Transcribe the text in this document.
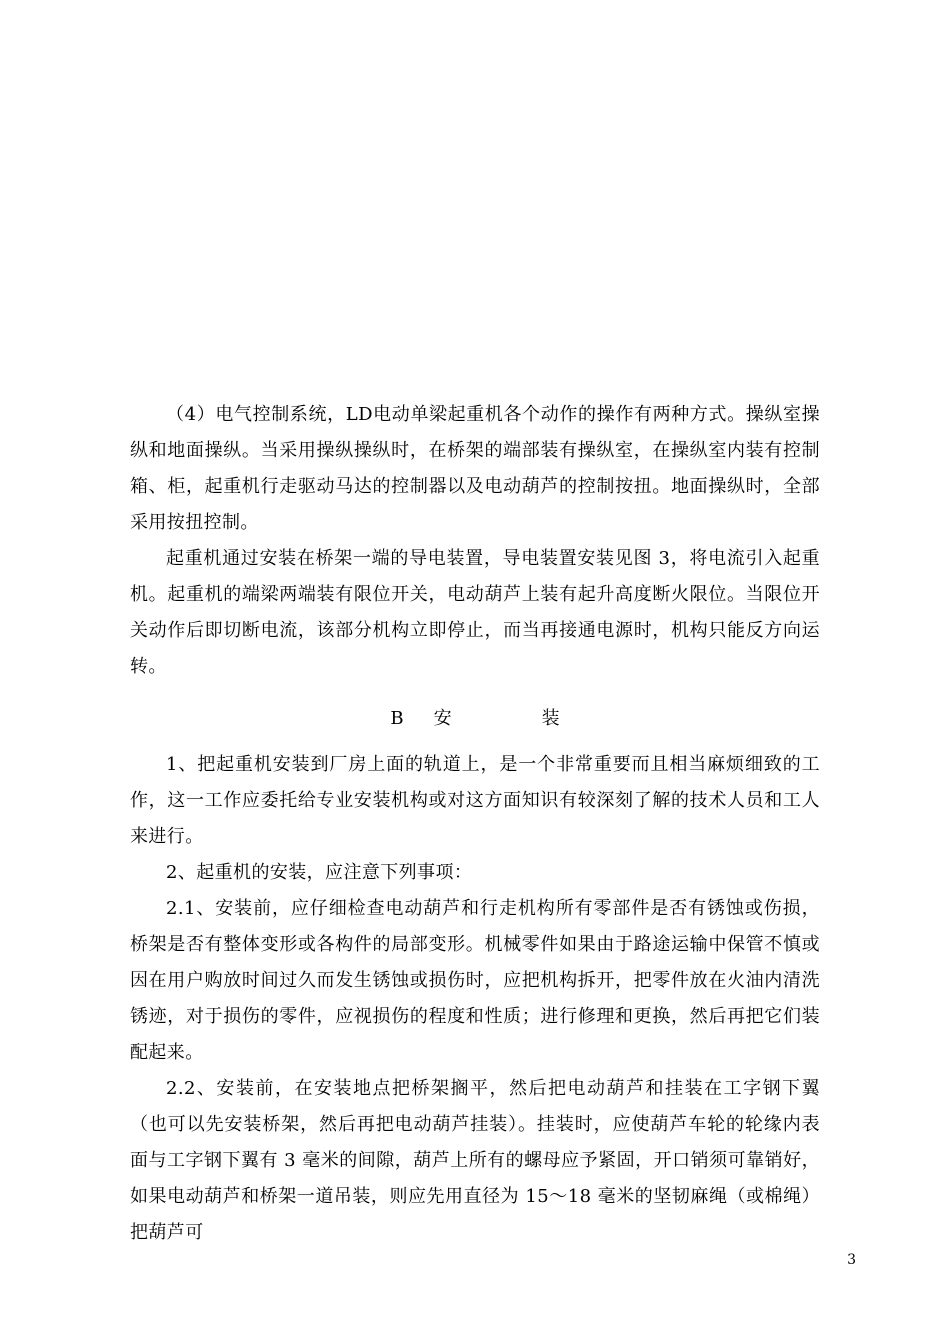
（4）电气控制系统，LD电动单梁起重机各个动作的操作有两种方式。操纵室操纵和地面操纵。当采用操纵操纵时，在桥架的端部装有操纵室，在操纵室内装有控制箱、柜，起重机行走驱动马达的控制器以及电动葫芦的控制按扭。地面操纵时，全部采用按扭控制。

起重机通过安装在桥架一端的导电装置，导电装置安装见图 3，将电流引入起重机。起重机的端梁两端装有限位开关，电动葫芦上装有起升高度断火限位。当限位开关动作后即切断电流，该部分机构立即停止，而当再接通电源时，机构只能反方向运转。

B 安	装

1、把起重机安装到厂房上面的轨道上，是一个非常重要而且相当麻烦细致的工作，这一工作应委托给专业安装机构或对这方面知识有较深刻了解的技术人员和工人来进行。

2、起重机的安装，应注意下列事项：

2.1、安装前，应仔细检查电动葫芦和行走机构所有零部件是否有锈蚀或伤损，桥架是否有整体变形或各构件的局部变形。机械零件如果由于路途运输中保管不慎或因在用户购放时间过久而发生锈蚀或损伤时，应把机构拆开，把零件放在火油内清洗锈迹，对于损伤的零件，应视损伤的程度和性质；进行修理和更换，然后再把它们装配起来。

2.2、安装前，在安装地点把桥架搁平，然后把电动葫芦和挂装在工字钢下翼（也可以先安装桥架，然后再把电动葫芦挂装）。挂装时，应使葫芦车轮的轮缘内表面与工字钢下翼有 3 毫米的间隙，葫芦上所有的螺母应予紧固，开口销须可靠销好，如果电动葫芦和桥架一道吊装，则应先用直径为 15～18 毫米的坚韧麻绳（或棉绳）把葫芦可

3
